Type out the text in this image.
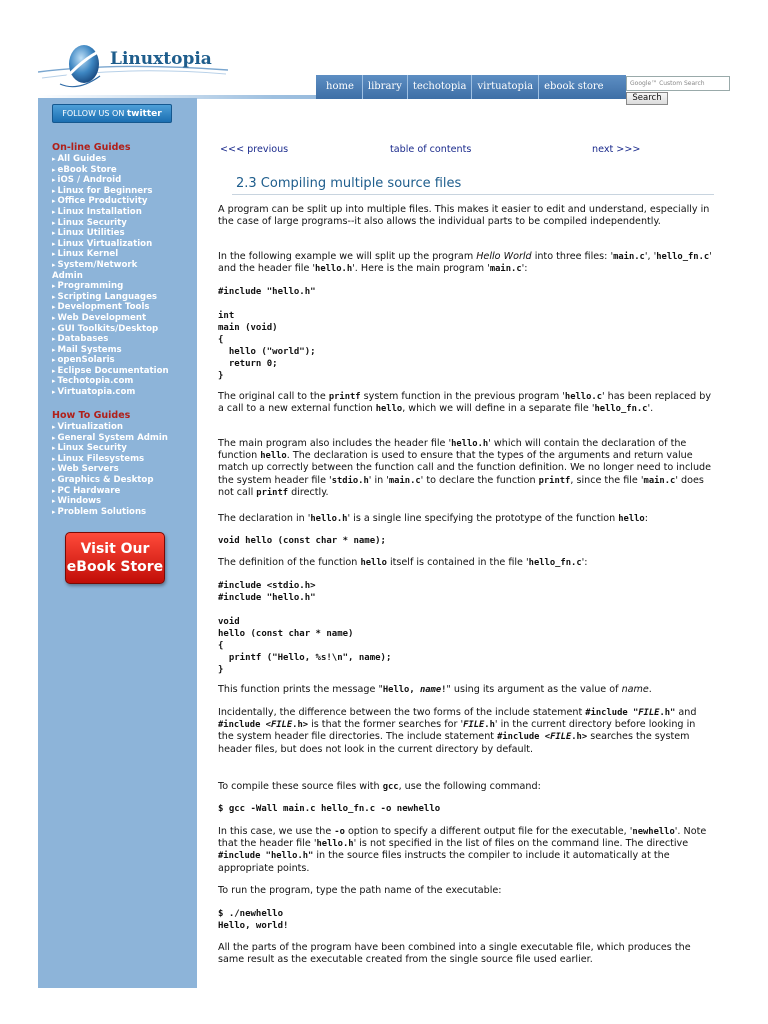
Linuxtopia
home	library	techotopia	virtuatopia	ebook store	Google™ Custom Search
Search
FOLLOW US ON twitter
On-line Guides
▸ All Guides
▸ eBook Store
▸ iOS / Android
▸ Linux for Beginners
▸ Office Productivity
▸ Linux Installation
▸ Linux Security
▸ Linux Utilities
▸ Linux Virtualization
▸ Linux Kernel
▸ System/Network
Admin
▸ Programming
▸ Scripting Languages
▸ Development Tools
▸ Web Development
▸ GUI Toolkits/Desktop
▸ Databases
▸ Mail Systems
▸ openSolaris
▸ Eclipse Documentation
▸ Techotopia.com
▸ Virtuatopia.com
How To Guides
▸ Virtualization
▸ General System Admin
▸ Linux Security
▸ Linux Filesystems
▸ Web Servers
▸ Graphics & Desktop
▸ PC Hardware
▸ Windows
▸ Problem Solutions
Visit Our
eBook Store
<<< previous	table of contents	next >>>
2.3 Compiling multiple source files
A program can be split up into multiple files. This makes it easier to edit and understand, especially in the case of large programs--it also allows the individual parts to be compiled independently.
In the following example we will split up the program Hello World into three files: 'main.c', 'hello_fn.c' and the header file 'hello.h'. Here is the main program 'main.c':
#include "hello.h"

int
main (void)
{
hello ("world");
return 0;
}
The original call to the printf system function in the previous program 'hello.c' has been replaced by a call to a new external function hello, which we will define in a separate file 'hello_fn.c'.
The main program also includes the header file 'hello.h' which will contain the declaration of the function hello. The declaration is used to ensure that the types of the arguments and return value match up correctly between the function call and the function definition. We no longer need to include the system header file 'stdio.h' in 'main.c' to declare the function printf, since the file 'main.c' does not call printf directly.
The declaration in 'hello.h' is a single line specifying the prototype of the function hello:
void hello (const char * name);
The definition of the function hello itself is contained in the file 'hello_fn.c':
#include <stdio.h>
#include "hello.h"

void
hello (const char * name)
{
printf ("Hello, %s!\n", name);
}
This function prints the message "Hello, name!" using its argument as the value of name.
Incidentally, the difference between the two forms of the include statement #include "FILE.h" and #include <FILE.h> is that the former searches for 'FILE.h' in the current directory before looking in the system header file directories. The include statement #include <FILE.h> searches the system header files, but does not look in the current directory by default.
To compile these source files with gcc, use the following command:
$ gcc -Wall main.c hello_fn.c -o newhello
In this case, we use the -o option to specify a different output file for the executable, 'newhello'. Note that the header file 'hello.h' is not specified in the list of files on the command line. The directive #include "hello.h" in the source files instructs the compiler to include it automatically at the appropriate points.
To run the program, type the path name of the executable:
$ ./newhello
Hello, world!
All the parts of the program have been combined into a single executable file, which produces the same result as the executable created from the single source file used earlier.
